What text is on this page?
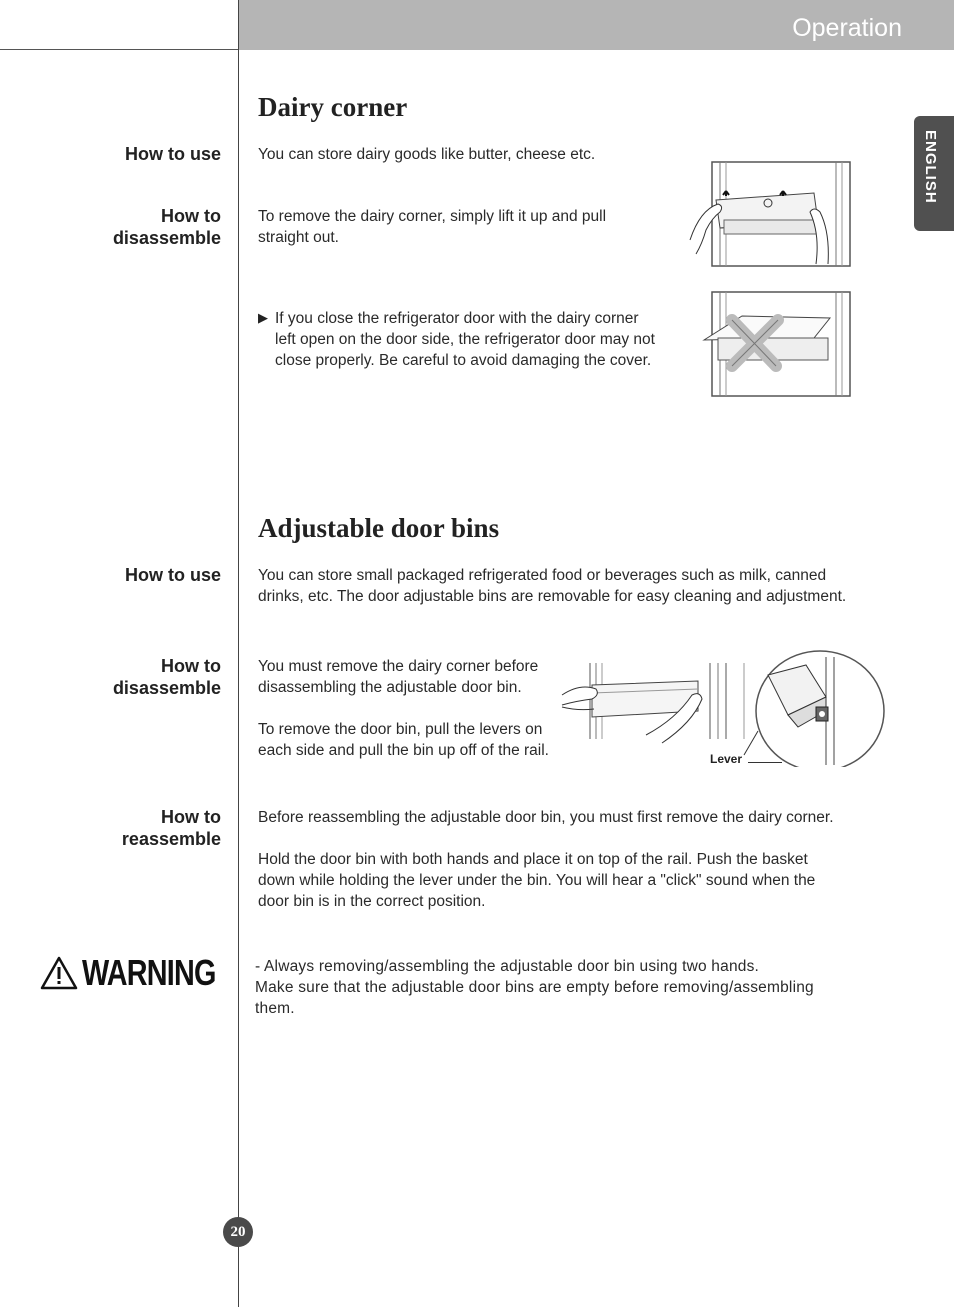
Operation
ENGLISH
Dairy corner
How to use You can store dairy goods like butter, cheese etc.
How to
disassemble
To remove the dairy corner, simply lift it up and pull
straight out.
▶ If you close the refrigerator door with the dairy corner
left open on the door side, the refrigerator door may not
close properly. Be careful to avoid damaging the cover.
Adjustable door bins
How to use You can store small packaged refrigerated food or beverages such as milk, canned
drinks, etc. The door adjustable bins are removable for easy cleaning and adjustment.
How to
disassemble
You must remove the dairy corner before
disassembling the adjustable door bin.

To remove the door bin, pull the levers on
each side and pull the bin up off of the rail.	Lever
How to
reassemble
Before reassembling the adjustable door bin, you must first remove the dairy corner.

Hold the door bin with both hands and place it on top of the rail. Push the basket
down while holding the lever under the bin. You will hear a "click" sound when the
door bin is in the correct position.
WARNING	- Always removing/assembling the adjustable door bin using two hands.
Make sure that the adjustable door bins are empty before removing/assembling
them.
20
